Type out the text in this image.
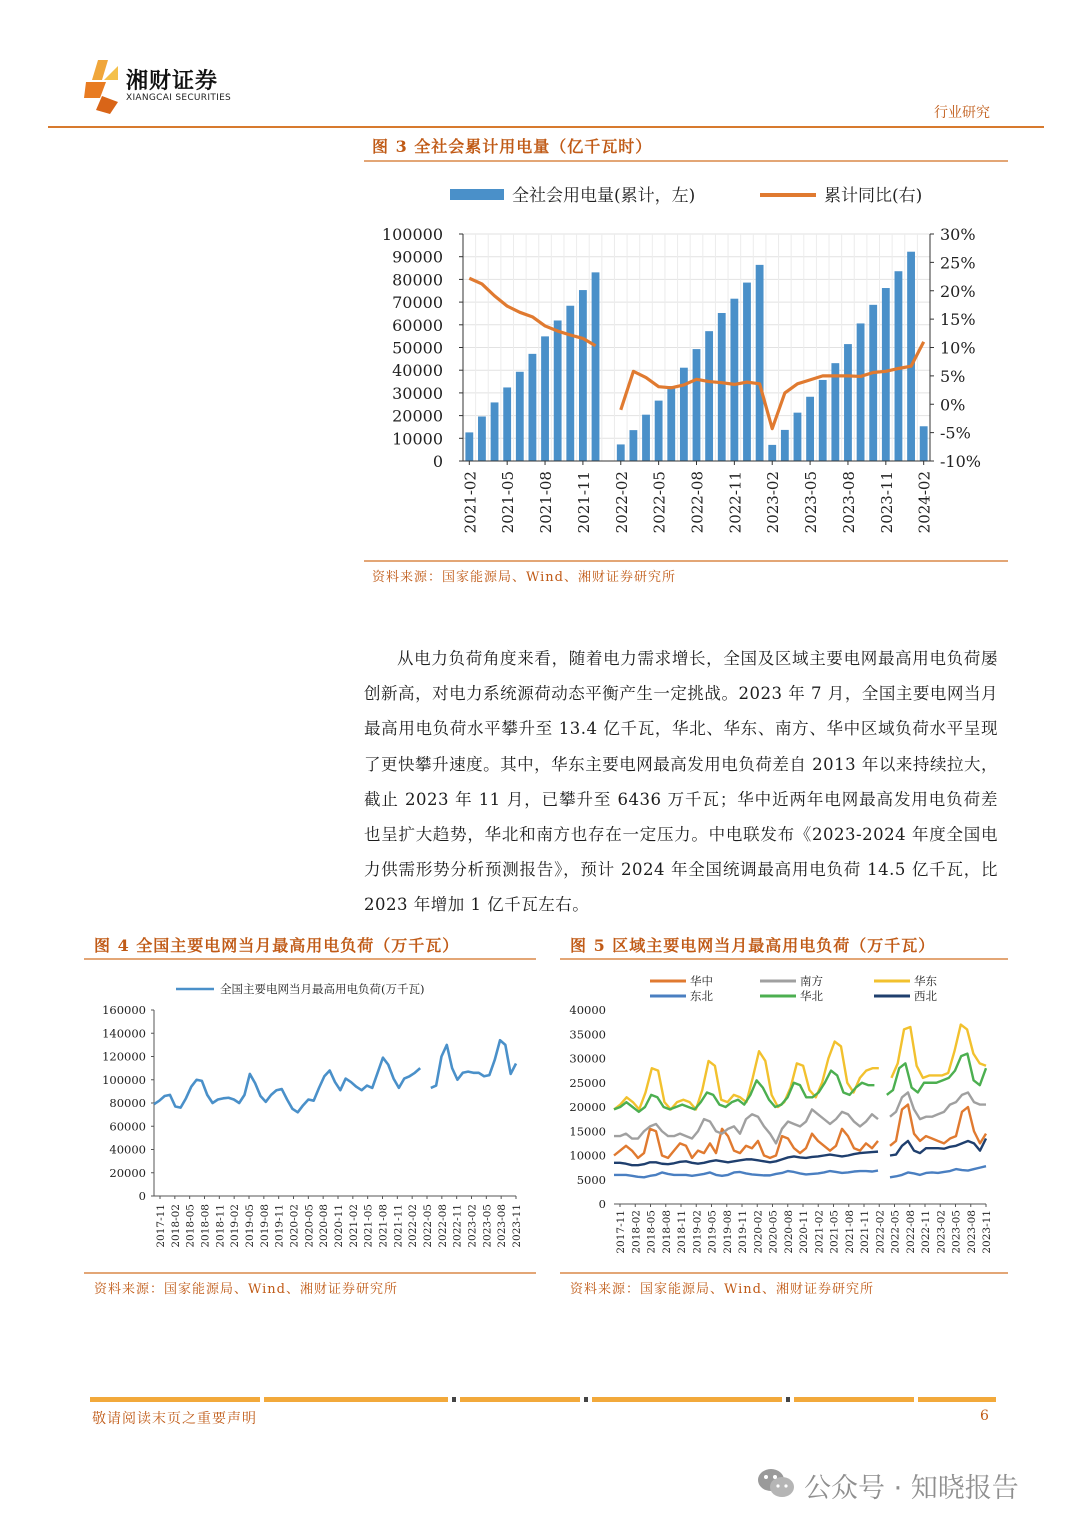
湘财证券
XIANGCAI SECURITIES
行业研究
图 3 全社会累计用电量（亿千瓦时）
全社会用电量(累计，左)	累计同比(右)
0
10000
20000
30000
40000
50000
60000
70000
80000
90000
100000
-10%
-5%
0%
5%
10%
15%
20%
25%
30%
2021-02 2021-05 2021-08 2021-11 2022-02 2022-05 2022-08 2022-11 2023-02 2023-05 2023-08 2023-11 2024-02
资料来源：国家能源局、Wind、湘财证券研究所
从电力负荷角度来看，随着电力需求增长，全国及区域主要电网最高用电负荷屡创新高，对电力系统源荷动态平衡产生一定挑战。2023 年 7 月，全国主要电网当月最高用电负荷水平攀升至 13.4 亿千瓦，华北、华东、南方、华中区域负荷水平呈现了更快攀升速度。其中，华东主要电网最高发用电负荷差自 2013 年以来持续拉大，截止 2023 年 11 月，已攀升至 6436 万千瓦；华中近两年电网最高发用电负荷差也呈扩大趋势，华北和南方也存在一定压力。中电联发布《2023-2024 年度全国电力供需形势分析预测报告》，预计 2024 年全国统调最高用电负荷 14.5 亿千瓦，比 2023 年增加 1 亿千瓦左右。
图 4 全国主要电网当月最高用电负荷（万千瓦）
全国主要电网当月最高用电负荷(万千瓦)
0
20000
40000
60000
80000
100000
120000
140000
160000
2017-11 2018-02 2018-05 2018-08 2018-11 2019-02 2019-05 2019-08 2019-11 2020-02 2020-05 2020-08 2020-11 2021-02 2021-05 2021-08 2021-11 2022-02 2022-05 2022-08 2022-11 2023-02 2023-05 2023-08 2023-11
资料来源：国家能源局、Wind、湘财证券研究所
图 5 区域主要电网当月最高用电负荷（万千瓦）
华中	南方	华东
东北	华北	西北
0
5000
10000
15000
20000
25000
30000
35000
40000
2017-11 2018-02 2018-05 2018-08 2018-11 2019-02 2019-05 2019-08 2019-11 2020-02 2020-05 2020-08 2020-11 2021-02 2021-05 2021-08 2021-11 2022-02 2022-05 2022-08 2022-11 2023-02 2023-05 2023-08 2023-11
资料来源：国家能源局、Wind、湘财证券研究所
敬请阅读末页之重要声明	6
公众号 · 知晓报告
